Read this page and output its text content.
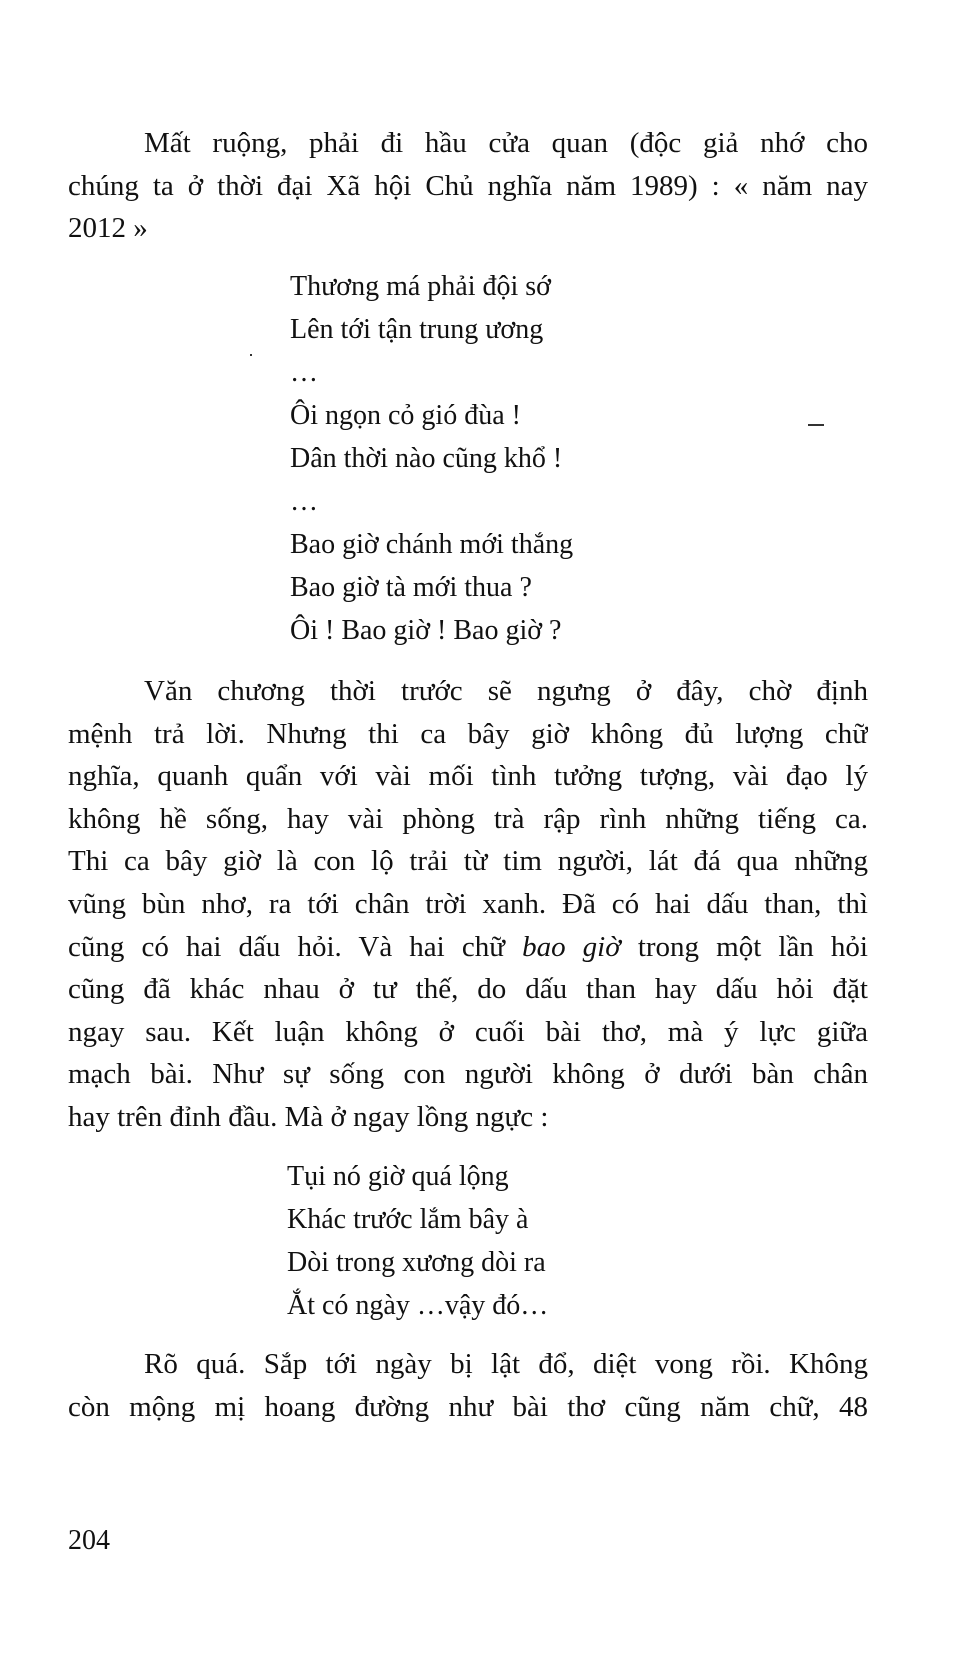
Mất ruộng, phải đi hầu cửa quan (độc giả nhớ cho
chúng ta ở thời đại Xã hội Chủ nghĩa năm 1989) : « năm nay
2012 »
Thương má phải đội sớ
Lên tới tận trung ương
…
Ôi ngọn cỏ gió đùa !
Dân thời nào cũng khổ !
…
Bao giờ chánh mới thắng
Bao giờ tà mới thua ?
Ôi ! Bao giờ ! Bao giờ ?
Văn chương thời trước sẽ ngưng ở đây, chờ định
mệnh trả lời. Nhưng thi ca bây giờ không đủ lượng chữ
nghĩa, quanh quẩn với vài mối tình tưởng tượng, vài đạo lý
không hề sống, hay vài phòng trà rập rình những tiếng ca.
Thi ca bây giờ là con lộ trải từ tim người, lát đá qua những
vũng bùn nhơ, ra tới chân trời xanh. Đã có hai dấu than, thì
cũng có hai dấu hỏi. Và hai chữ bao giờ trong một lần hỏi
cũng đã khác nhau ở tư thế, do dấu than hay dấu hỏi đặt
ngay sau. Kết luận không ở cuối bài thơ, mà ý lực giữa
mạch bài. Như sự sống con người không ở dưới bàn chân
hay trên đỉnh đầu. Mà ở ngay lồng ngực :
Tụi nó giờ quá lộng
Khác trước lắm bây à
Dòi trong xương dòi ra
Ắt có ngày …vậy đó…
Rõ quá. Sắp tới ngày bị lật đổ, diệt vong rồi. Không
còn mộng mị hoang đường như bài thơ cũng năm chữ, 48
204
